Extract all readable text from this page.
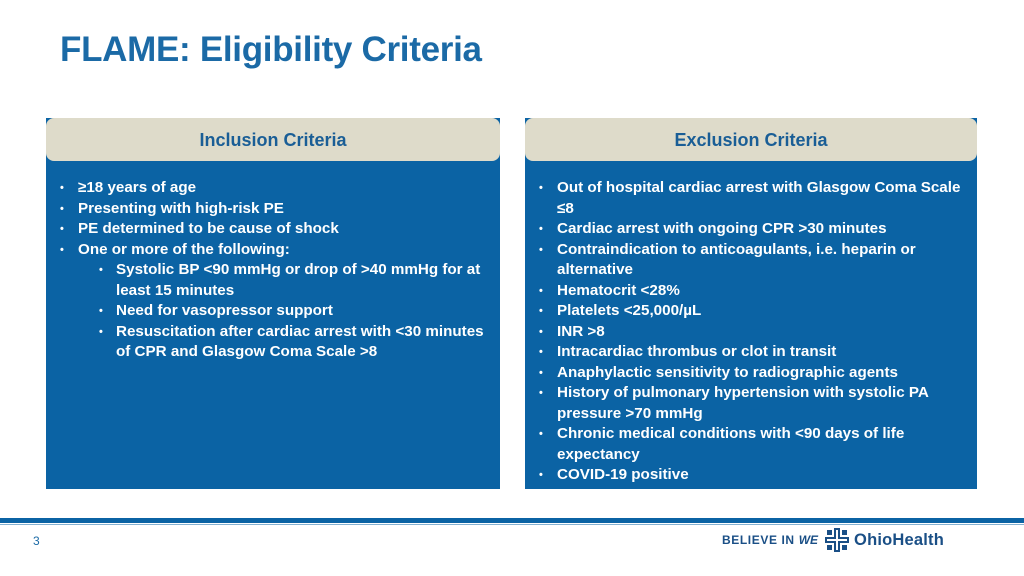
FLAME: Eligibility Criteria
Inclusion Criteria
• ≥18 years of age
• Presenting with high-risk PE
• PE determined to be cause of shock
• One or more of the following:
• Systolic BP <90 mmHg or drop of >40 mmHg for at least 15 minutes
• Need for vasopressor support
• Resuscitation after cardiac arrest with <30 minutes of CPR and Glasgow Coma Scale >8
Exclusion Criteria
• Out of hospital cardiac arrest with Glasgow Coma Scale ≤8
• Cardiac arrest with ongoing CPR >30 minutes
• Contraindication to anticoagulants, i.e. heparin or alternative
• Hematocrit <28%
• Platelets <25,000/µL
• INR >8
• Intracardiac thrombus or clot in transit
• Anaphylactic sensitivity to radiographic agents
• History of pulmonary hypertension with systolic PA pressure >70 mmHg
• Chronic medical conditions with <90 days of life expectancy
• COVID-19 positive
3	BELIEVE IN WE OhioHealth
